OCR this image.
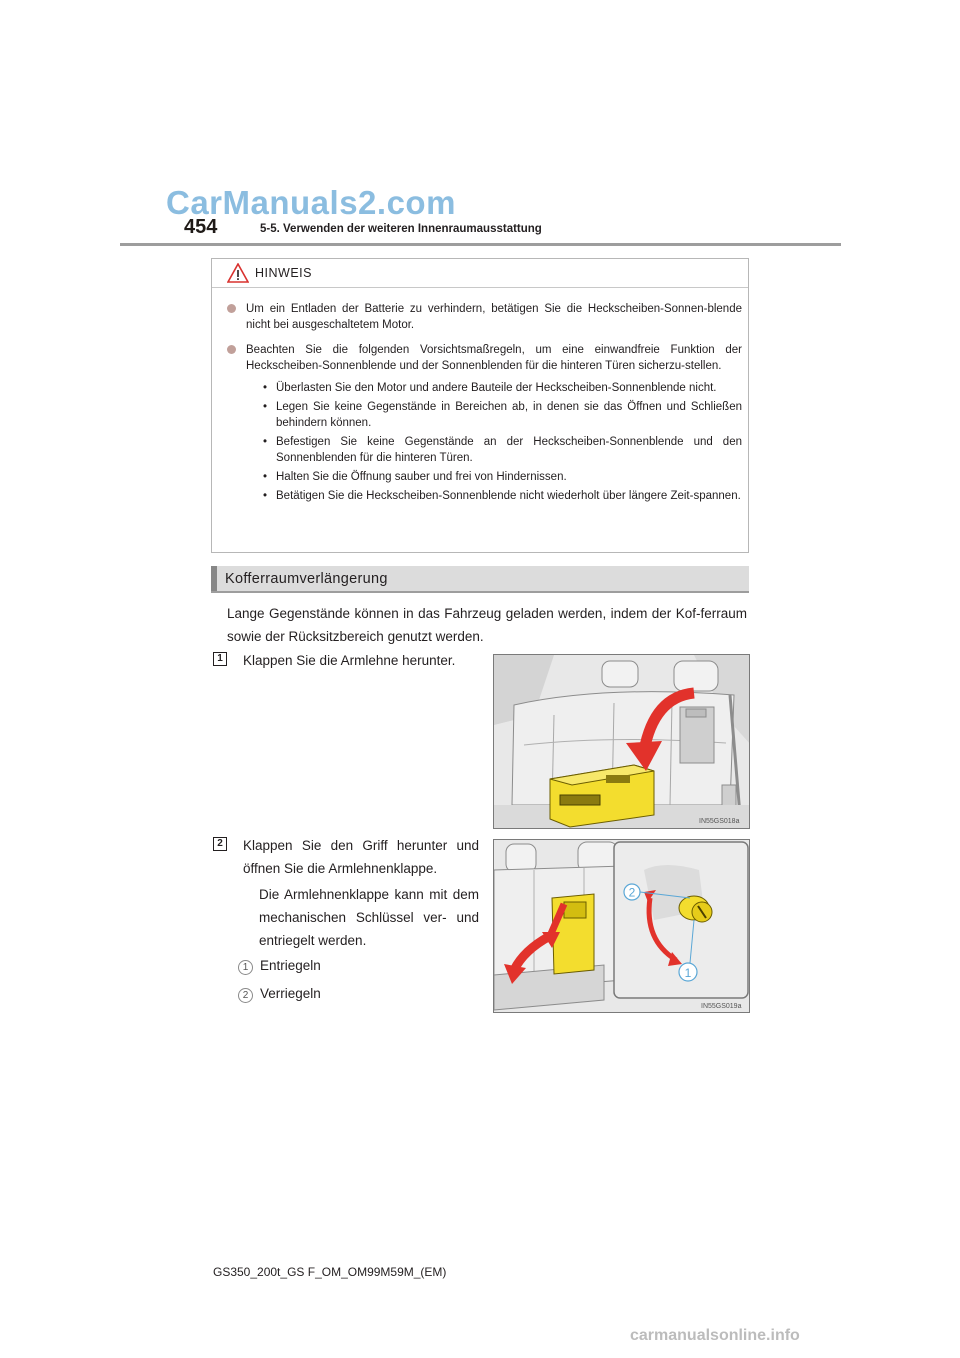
CarManuals2.com
454	5-5. Verwenden der weiteren Innenraumausstattung
HINWEIS
Um ein Entladen der Batterie zu verhindern, betätigen Sie die Heckscheiben-Sonnen-blende nicht bei ausgeschaltetem Motor.
Beachten Sie die folgenden Vorsichtsmaßregeln, um eine einwandfreie Funktion der Heckscheiben-Sonnenblende und der Sonnenblenden für die hinteren Türen sicherzu-stellen.
• Überlasten Sie den Motor und andere Bauteile der Heckscheiben-Sonnenblende nicht.
• Legen Sie keine Gegenstände in Bereichen ab, in denen sie das Öffnen und Schließen behindern können.
• Befestigen Sie keine Gegenstände an der Heckscheiben-Sonnenblende und den Sonnenblenden für die hinteren Türen.
• Halten Sie die Öffnung sauber und frei von Hindernissen.
• Betätigen Sie die Heckscheiben-Sonnenblende nicht wiederholt über längere Zeit-spannen.
Kofferraumverlängerung
Lange Gegenstände können in das Fahrzeug geladen werden, indem der Kof-ferraum sowie der Rücksitzbereich genutzt werden.
1	Klappen Sie die Armlehne herunter.
IN55GS018a
2	Klappen Sie den Griff herunter und öffnen Sie die Armlehnenklappe.
Die Armlehnenklappe kann mit dem mechanischen Schlüssel ver- und entriegelt werden.
1 Entriegeln
2 Verriegeln
2
1
IN55GS019a
GS350_200t_GS F_OM_OM99M59M_(EM)
carmanualsonline.info
